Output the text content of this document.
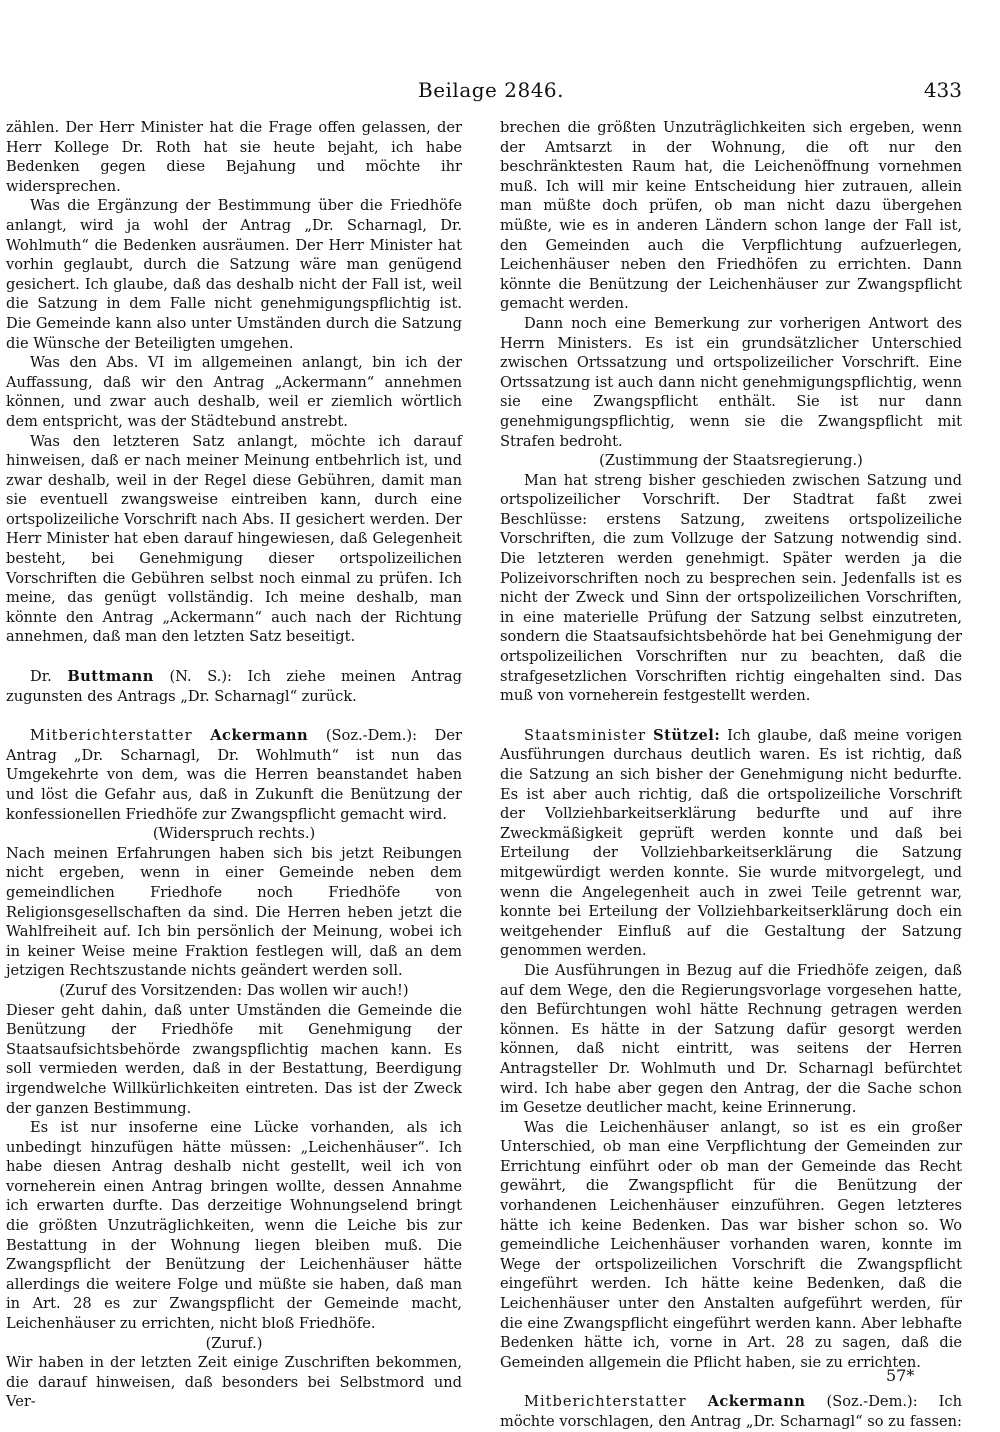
Beilage 2846.	433

zählen. Der Herr Minister hat die Frage offen gelassen, der Herr Kollege Dr. Roth hat sie heute bejaht, ich habe Bedenken gegen diese Bejahung und möchte ihr widersprechen.

Was die Ergänzung der Bestimmung über die Friedhöfe anlangt, wird ja wohl der Antrag „Dr. Scharnagl, Dr. Wohlmuth“ die Bedenken ausräumen. Der Herr Minister hat vorhin geglaubt, durch die Satzung wäre man genügend gesichert. Ich glaube, daß das deshalb nicht der Fall ist, weil die Satzung in dem Falle nicht genehmigungspflichtig ist. Die Gemeinde kann also unter Umständen durch die Satzung die Wünsche der Beteiligten umgehen.

Was den Abs. VI im allgemeinen anlangt, bin ich der Auffassung, daß wir den Antrag „Ackermann“ annehmen können, und zwar auch deshalb, weil er ziemlich wörtlich dem entspricht, was der Städtebund anstrebt.

Was den letzteren Satz anlangt, möchte ich darauf hinweisen, daß er nach meiner Meinung entbehrlich ist, und zwar deshalb, weil in der Regel diese Gebühren, damit man sie eventuell zwangsweise eintreiben kann, durch eine ortspolizeiliche Vorschrift nach Abs. II gesichert werden. Der Herr Minister hat eben darauf hingewiesen, daß Gelegenheit besteht, bei Genehmigung dieser ortspolizeilichen Vorschriften die Gebühren selbst noch einmal zu prüfen. Ich meine, das genügt vollständig. Ich meine deshalb, man könnte den Antrag „Ackermann“ auch nach der Richtung annehmen, daß man den letzten Satz beseitigt.

Dr. Buttmann (N. S.): Ich ziehe meinen Antrag zugunsten des Antrags „Dr. Scharnagl“ zurück.

Mitberichterstatter Ackermann (Soz.-Dem.): Der Antrag „Dr. Scharnagl, Dr. Wohlmuth“ ist nun das Umgekehrte von dem, was die Herren beanstandet haben und löst die Gefahr aus, daß in Zukunft die Benützung der konfessionellen Friedhöfe zur Zwangspflicht gemacht wird.

(Widerspruch rechts.)

Nach meinen Erfahrungen haben sich bis jetzt Reibungen nicht ergeben, wenn in einer Gemeinde neben dem gemeindlichen Friedhofe noch Friedhöfe von Religionsgesellschaften da sind. Die Herren heben jetzt die Wahlfreiheit auf. Ich bin persönlich der Meinung, wobei ich in keiner Weise meine Fraktion festlegen will, daß an dem jetzigen Rechtszustande nichts geändert werden soll.

(Zuruf des Vorsitzenden: Das wollen wir auch!)

Dieser geht dahin, daß unter Umständen die Gemeinde die Benützung der Friedhöfe mit Genehmigung der Staatsaufsichtsbehörde zwangspflichtig machen kann. Es soll vermieden werden, daß in der Bestattung, Beerdigung irgendwelche Willkürlichkeiten eintreten. Das ist der Zweck der ganzen Bestimmung.

Es ist nur insoferne eine Lücke vorhanden, als ich unbedingt hinzufügen hätte müssen: „Leichenhäuser“. Ich habe diesen Antrag deshalb nicht gestellt, weil ich von vorneherein einen Antrag bringen wollte, dessen Annahme ich erwarten durfte. Das derzeitige Wohnungselend bringt die größten Unzuträglichkeiten, wenn die Leiche bis zur Bestattung in der Wohnung liegen bleiben muß. Die Zwangspflicht der Benützung der Leichenhäuser hätte allerdings die weitere Folge und müßte sie haben, daß man in Art. 28 es zur Zwangspflicht der Gemeinde macht, Leichenhäuser zu errichten, nicht bloß Friedhöfe.

(Zuruf.)

Wir haben in der letzten Zeit einige Zuschriften bekommen, die darauf hinweisen, daß besonders bei Selbstmord und Ver-

brechen die größten Unzuträglichkeiten sich ergeben, wenn der Amtsarzt in der Wohnung, die oft nur den beschränktesten Raum hat, die Leichenöffnung vornehmen muß. Ich will mir keine Entscheidung hier zutrauen, allein man müßte doch prüfen, ob man nicht dazu übergehen müßte, wie es in anderen Ländern schon lange der Fall ist, den Gemeinden auch die Verpflichtung aufzuerlegen, Leichenhäuser neben den Friedhöfen zu errichten. Dann könnte die Benützung der Leichenhäuser zur Zwangspflicht gemacht werden.

Dann noch eine Bemerkung zur vorherigen Antwort des Herrn Ministers. Es ist ein grundsätzlicher Unterschied zwischen Ortssatzung und ortspolizeilicher Vorschrift. Eine Ortssatzung ist auch dann nicht genehmigungspflichtig, wenn sie eine Zwangspflicht enthält. Sie ist nur dann genehmigungspflichtig, wenn sie die Zwangspflicht mit Strafen bedroht.

(Zustimmung der Staatsregierung.)

Man hat streng bisher geschieden zwischen Satzung und ortspolizeilicher Vorschrift. Der Stadtrat faßt zwei Beschlüsse: erstens Satzung, zweitens ortspolizeiliche Vorschriften, die zum Vollzuge der Satzung notwendig sind. Die letzteren werden genehmigt. Später werden ja die Polizeivorschriften noch zu besprechen sein. Jedenfalls ist es nicht der Zweck und Sinn der ortspolizeilichen Vorschriften, in eine materielle Prüfung der Satzung selbst einzutreten, sondern die Staatsaufsichtsbehörde hat bei Genehmigung der ortspolizeilichen Vorschriften nur zu beachten, daß die strafgesetzlichen Vorschriften richtig eingehalten sind. Das muß von vorneherein festgestellt werden.

Staatsminister Stützel: Ich glaube, daß meine vorigen Ausführungen durchaus deutlich waren. Es ist richtig, daß die Satzung an sich bisher der Genehmigung nicht bedurfte. Es ist aber auch richtig, daß die ortspolizeiliche Vorschrift der Vollziehbarkeitserklärung bedurfte und auf ihre Zweckmäßigkeit geprüft werden konnte und daß bei Erteilung der Vollziehbarkeitserklärung die Satzung mitgewürdigt werden konnte. Sie wurde mitvorgelegt, und wenn die Angelegenheit auch in zwei Teile getrennt war, konnte bei Erteilung der Vollziehbarkeitserklärung doch ein weitgehender Einfluß auf die Gestaltung der Satzung genommen werden.

Die Ausführungen in Bezug auf die Friedhöfe zeigen, daß auf dem Wege, den die Regierungsvorlage vorgesehen hatte, den Befürchtungen wohl hätte Rechnung getragen werden können. Es hätte in der Satzung dafür gesorgt werden können, daß nicht eintritt, was seitens der Herren Antragsteller Dr. Wohlmuth und Dr. Scharnagl befürchtet wird. Ich habe aber gegen den Antrag, der die Sache schon im Gesetze deutlicher macht, keine Erinnerung.

Was die Leichenhäuser anlangt, so ist es ein großer Unterschied, ob man eine Verpflichtung der Gemeinden zur Errichtung einführt oder ob man der Gemeinde das Recht gewährt, die Zwangspflicht für die Benützung der vorhandenen Leichenhäuser einzuführen. Gegen letzteres hätte ich keine Bedenken. Das war bisher schon so. Wo gemeindliche Leichenhäuser vorhanden waren, konnte im Wege der ortspolizeilichen Vorschrift die Zwangspflicht eingeführt werden. Ich hätte keine Bedenken, daß die Leichenhäuser unter den Anstalten aufgeführt werden, für die eine Zwangspflicht eingeführt werden kann. Aber lebhafte Bedenken hätte ich, vorne in Art. 28 zu sagen, daß die Gemeinden allgemein die Pflicht haben, sie zu errichten.

Mitberichterstatter Ackermann (Soz.-Dem.): Ich möchte vorschlagen, den Antrag „Dr. Scharnagl“ so zu fassen:

57*
